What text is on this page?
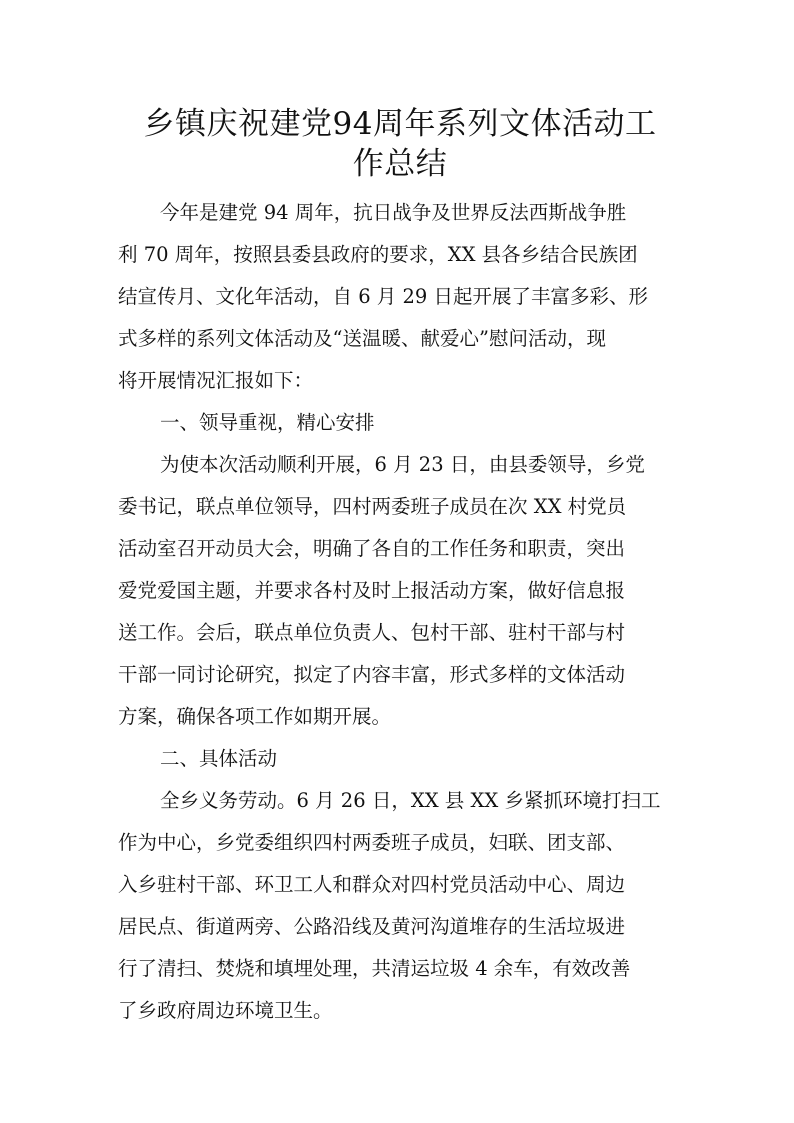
乡镇庆祝建党94周年系列文体活动工
作总结

今年是建党 94 周年，抗日战争及世界反法西斯战争胜

利 70 周年，按照县委县政府的要求，XX 县各乡结合民族团

结宣传月、文化年活动，自 6 月 29 日起开展了丰富多彩、形

式多样的系列文体活动及“送温暖、献爱心”慰问活动，现

将开展情况汇报如下：

一、领导重视，精心安排

为使本次活动顺利开展，6 月 23 日，由县委领导，乡党

委书记，联点单位领导，四村两委班子成员在次 XX 村党员

活动室召开动员大会，明确了各自的工作任务和职责，突出

爱党爱国主题，并要求各村及时上报活动方案，做好信息报

送工作。会后，联点单位负责人、包村干部、驻村干部与村

干部一同讨论研究，拟定了内容丰富，形式多样的文体活动

方案，确保各项工作如期开展。

二、具体活动

全乡义务劳动。6 月 26 日，XX 县 XX 乡紧抓环境打扫工

作为中心，乡党委组织四村两委班子成员，妇联、团支部、

入乡驻村干部、环卫工人和群众对四村党员活动中心、周边

居民点、街道两旁、公路沿线及黄河沟道堆存的生活垃圾进

行了清扫、焚烧和填埋处理，共清运垃圾 4 余车，有效改善

了乡政府周边环境卫生。
